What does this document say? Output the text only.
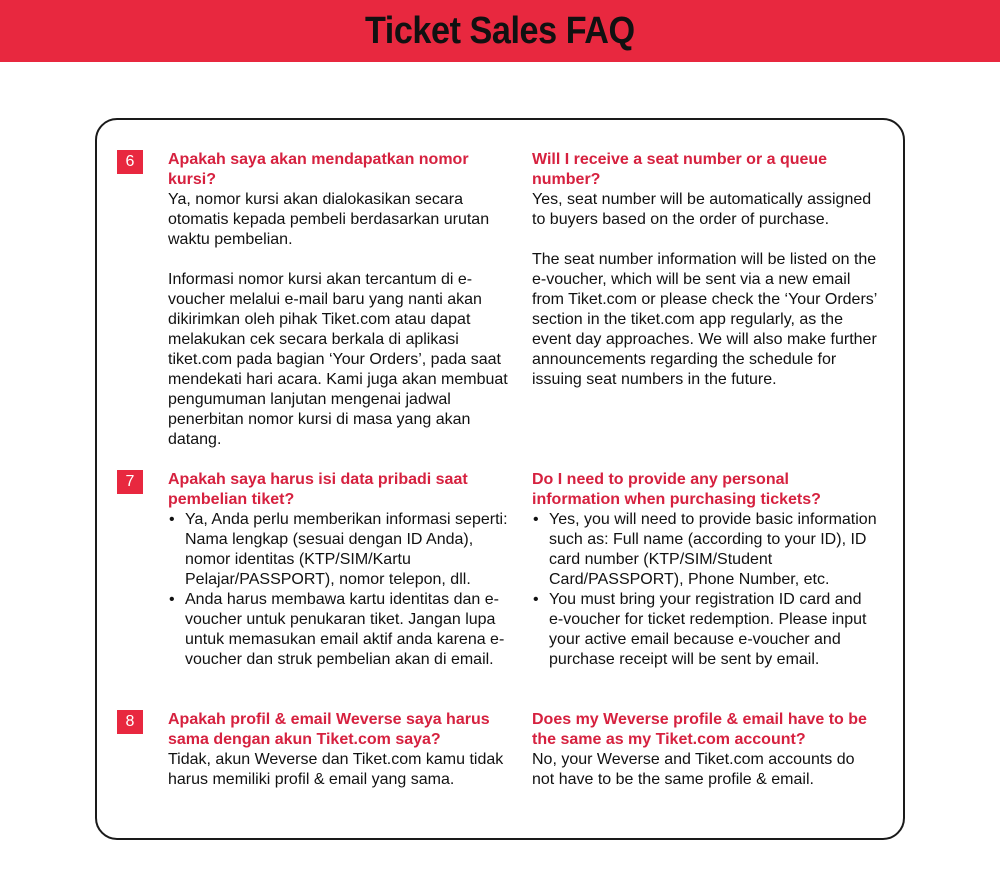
Ticket Sales FAQ
6	Apakah saya akan mendapatkan nomor kursi?

Ya, nomor kursi akan dialokasikan secara otomatis kepada pembeli berdasarkan urutan waktu pembelian.

Informasi nomor kursi akan tercantum di e-voucher melalui e-mail baru yang nanti akan dikirimkan oleh pihak Tiket.com atau dapat melakukan cek secara berkala di aplikasi tiket.com pada bagian ‘Your Orders’, pada saat mendekati hari acara. Kami juga akan membuat pengumuman lanjutan mengenai jadwal penerbitan nomor kursi di masa yang akan datang.

Will I receive a seat number or a queue number?

Yes, seat number will be automatically assigned to buyers based on the order of purchase.

The seat number information will be listed on the e-voucher, which will be sent via a new email from Tiket.com or please check the ‘Your Orders’ section in the tiket.com app regularly, as the event day approaches. We will also make further announcements regarding the schedule for issuing seat numbers in the future.

7	Apakah saya harus isi data pribadi saat pembelian tiket?
• Ya, Anda perlu memberikan informasi seperti: Nama lengkap (sesuai dengan ID Anda), nomor identitas (KTP/SIM/Kartu Pelajar/PASSPORT), nomor telepon, dll.
• Anda harus membawa kartu identitas dan e-voucher untuk penukaran tiket. Jangan lupa untuk memasukan email aktif anda karena e-voucher dan struk pembelian akan di email.
Do I need to provide any personal information when purchasing tickets?
• Yes, you will need to provide basic information such as: Full name (according to your ID), ID card number (KTP/SIM/Student Card/PASSPORT), Phone Number, etc.
• You must bring your registration ID card and e-voucher for ticket redemption. Please input your active email because e-voucher and purchase receipt will be sent by email.
8	Apakah profil & email Weverse saya harus sama dengan akun Tiket.com saya?

Tidak, akun Weverse dan Tiket.com kamu tidak harus memiliki profil & email yang sama.

Does my Weverse profile & email have to be the same as my Tiket.com account?

No, your Weverse and Tiket.com accounts do not have to be the same profile & email.
